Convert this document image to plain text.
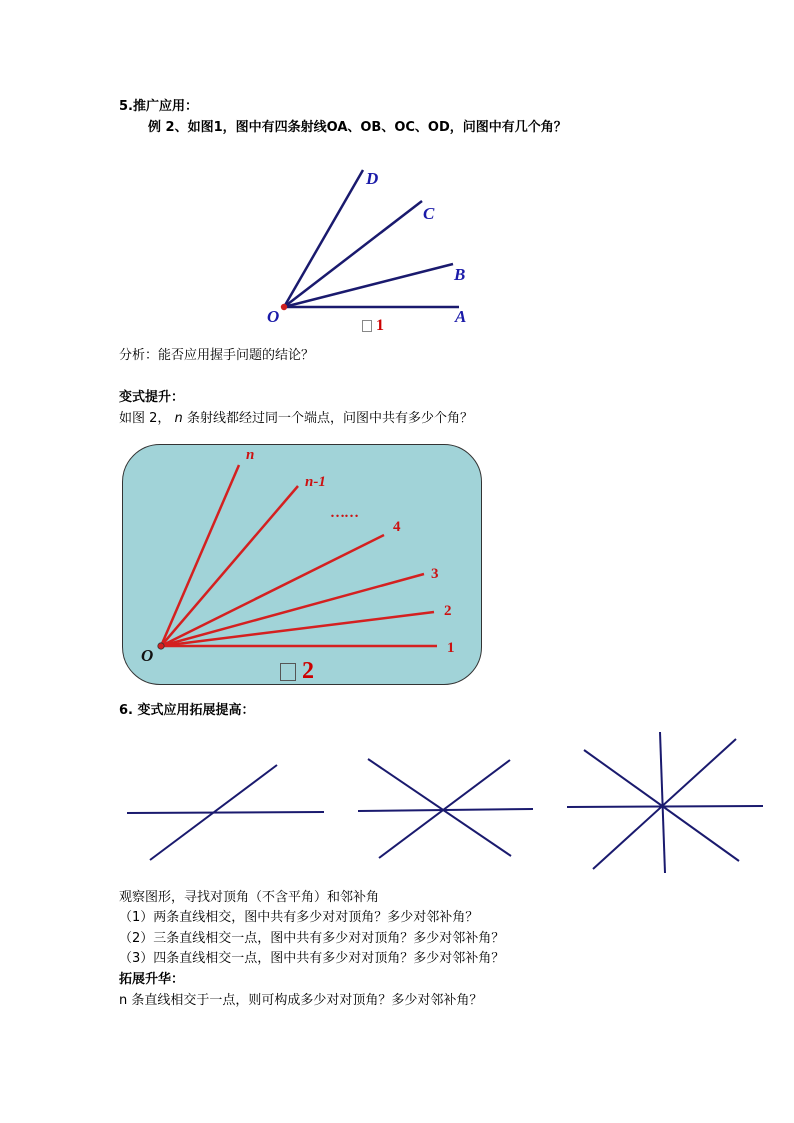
5.推广应用：
例 2、如图1，图中有四条射线OA、OB、OC、OD，问图中有几个角？
O	A
B
C
D
1
分析：能否应用握手问题的结论？
变式提升：
如图 2， n 条射线都经过同一个端点，问图中共有多少个角？
O	1
2
3
4
……
n-1
n
2
6. 变式应用拓展提高：
观察图形，寻找对顶角（不含平角）和邻补角
（1）两条直线相交，图中共有多少对对顶角？多少对邻补角？
（2）三条直线相交一点，图中共有多少对对顶角？多少对邻补角？
（3）四条直线相交一点，图中共有多少对对顶角？多少对邻补角？
拓展升华：
n 条直线相交于一点，则可构成多少对对顶角？多少对邻补角？
